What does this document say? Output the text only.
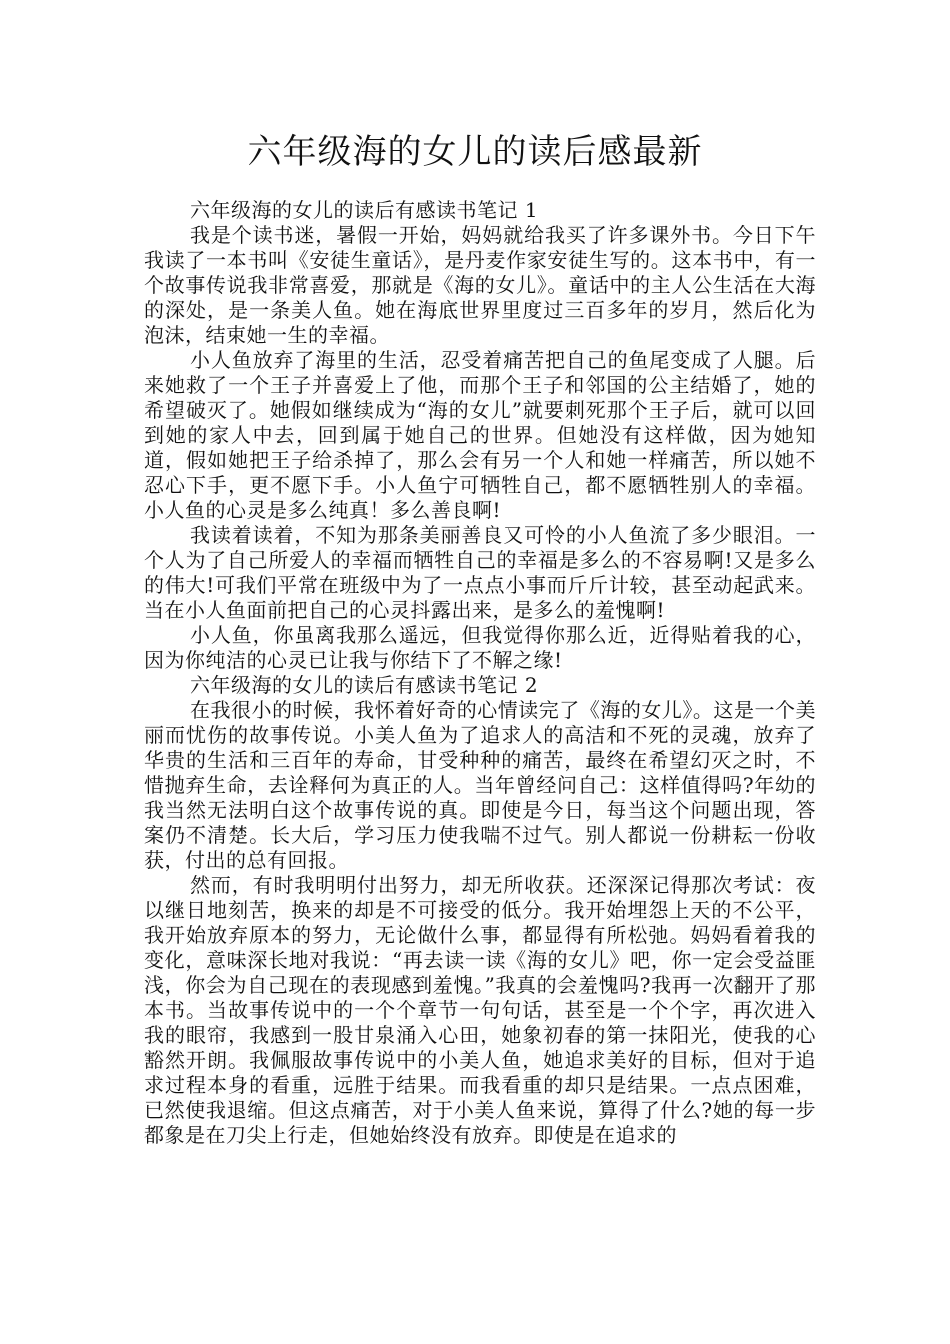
六年级海的女儿的读后感最新

六年级海的女儿的读后有感读书笔记 1

我是个读书迷，暑假一开始，妈妈就给我买了许多课外书。今日下午我读了一本书叫《安徒生童话》，是丹麦作家安徒生写的。这本书中，有一个故事传说我非常喜爱，那就是《海的女儿》。童话中的主人公生活在大海的深处，是一条美人鱼。她在海底世界里度过三百多年的岁月，然后化为泡沫，结束她一生的幸福。

小人鱼放弃了海里的生活，忍受着痛苦把自己的鱼尾变成了人腿。后来她救了一个王子并喜爱上了他，而那个王子和邻国的公主结婚了，她的希望破灭了。她假如继续成为“海的女儿”就要刺死那个王子后，就可以回到她的家人中去，回到属于她自己的世界。但她没有这样做，因为她知道，假如她把王子给杀掉了，那么会有另一个人和她一样痛苦，所以她不忍心下手，更不愿下手。小人鱼宁可牺牲自己，都不愿牺牲别人的幸福。小人鱼的心灵是多么纯真！多么善良啊!

我读着读着，不知为那条美丽善良又可怜的小人鱼流了多少眼泪。一个人为了自己所爱人的幸福而牺牲自己的幸福是多么的不容易啊!又是多么的伟大!可我们平常在班级中为了一点点小事而斤斤计较，甚至动起武来。当在小人鱼面前把自己的心灵抖露出来，是多么的羞愧啊!

小人鱼，你虽离我那么遥远，但我觉得你那么近，近得贴着我的心，因为你纯洁的心灵已让我与你结下了不解之缘!

六年级海的女儿的读后有感读书笔记 2

在我很小的时候，我怀着好奇的心情读完了《海的女儿》。这是一个美丽而忧伤的故事传说。小美人鱼为了追求人的高洁和不死的灵魂，放弃了华贵的生活和三百年的寿命，甘受种种的痛苦，最终在希望幻灭之时，不惜抛弃生命，去诠释何为真正的人。当年曾经问自己：这样值得吗?年幼的我当然无法明白这个故事传说的真。即使是今日，每当这个问题出现，答案仍不清楚。长大后，学习压力使我喘不过气。别人都说一份耕耘一份收获，付出的总有回报。

然而，有时我明明付出努力，却无所收获。还深深记得那次考试：夜以继日地刻苦，换来的却是不可接受的低分。我开始埋怨上天的不公平，我开始放弃原本的努力，无论做什么事，都显得有所松弛。妈妈看着我的变化，意味深长地对我说：“再去读一读《海的女儿》吧，你一定会受益匪浅，你会为自己现在的表现感到羞愧。”我真的会羞愧吗?我再一次翻开了那本书。当故事传说中的一个个章节一句句话，甚至是一个个字，再次进入我的眼帘，我感到一股甘泉涌入心田，她象初春的第一抹阳光，使我的心豁然开朗。我佩服故事传说中的小美人鱼，她追求美好的目标，但对于追求过程本身的看重，远胜于结果。而我看重的却只是结果。一点点困难，已然使我退缩。但这点痛苦，对于小美人鱼来说，算得了什么?她的每一步都象是在刀尖上行走，但她始终没有放弃。即使是在追求的
